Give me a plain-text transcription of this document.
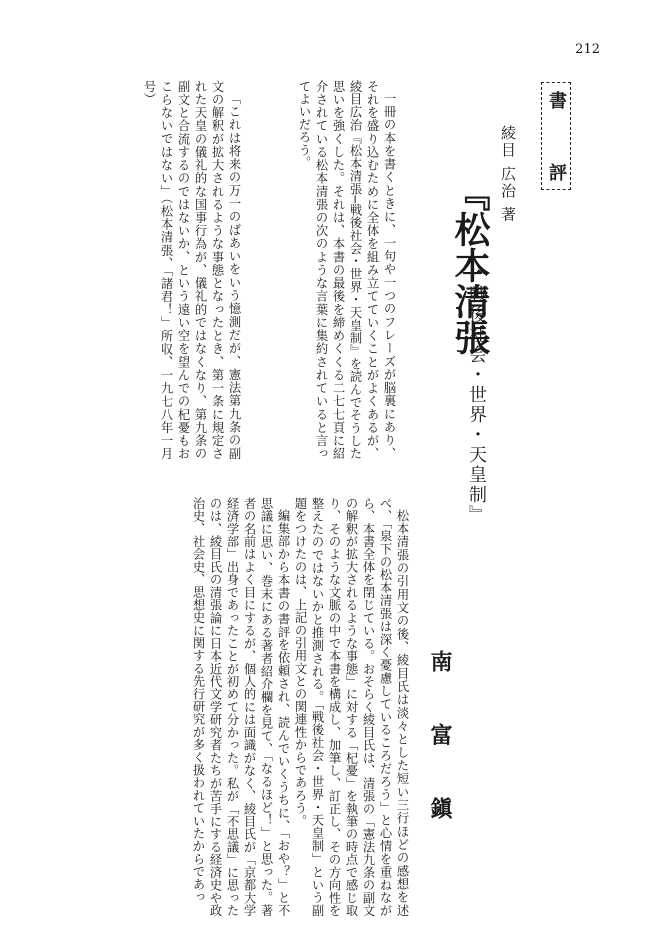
212
書
評
綾目 広治 著
『松本清張
戦後社会・世界・天皇制』

一冊の本を書くときに、一句や一つのフレーズが脳裏にあり、それを盛り込むために全体を組み立てていくことがよくあるが、綾目広治『松本清張─戦後社会・世界・天皇制』を読んでそうした思いを強くした。それは、本書の最後を締めくくる二七七頁に紹介されている松本清張の次のような言葉に集約されていると言ってよいだろう。

「これは将来の万一のばあいをいう憶測だが、憲法第九条の副文の解釈が拡大されるような事態となったとき、第一条に規定された天皇の儀礼的な国事行為が、儀礼的ではなくなり、第九条の副文と合流するのではないか、という遠い空を望んでの杞憂もおこらないではない」（松本清張、「諸君！」所収、一九七八年一月号）

南 富 鎭

松本清張の引用文の後、綾目氏は淡々とした短い三行ほどの感想を述べ、「泉下の松本清張は深く憂慮しているころだろう」と心情を重ねながら、本書全体を閉じている。おそらく綾目氏は、清張の「憲法九条の副文の解釈が拡大されるような事態」に対する「杞憂」を執筆の時点で感じ取り、そのような文脈の中で本書を構成し、加筆し、訂正し、その方向性を整えたのではないかと推測される。「戦後社会・世界・天皇制」という副題をつけたのは、上記の引用文との関連性からであろう。

編集部から本書の書評を依頼され、読んでいくうちに、「おや？」と不思議に思い、巻末にある著者紹介欄を見て、「なるほど！」と思った。著者の名前はよく目にするが、個人的には面識がなく、綾目氏が「京都大学経済学部」出身であったことが初めて分かった。私が「不思議」に思ったのは、綾目氏の清張論に日本近代文学研究者たちが苦手にする経済史や政治史、社会史、思想史に関する先行研究が多く扱われていたからであっ
